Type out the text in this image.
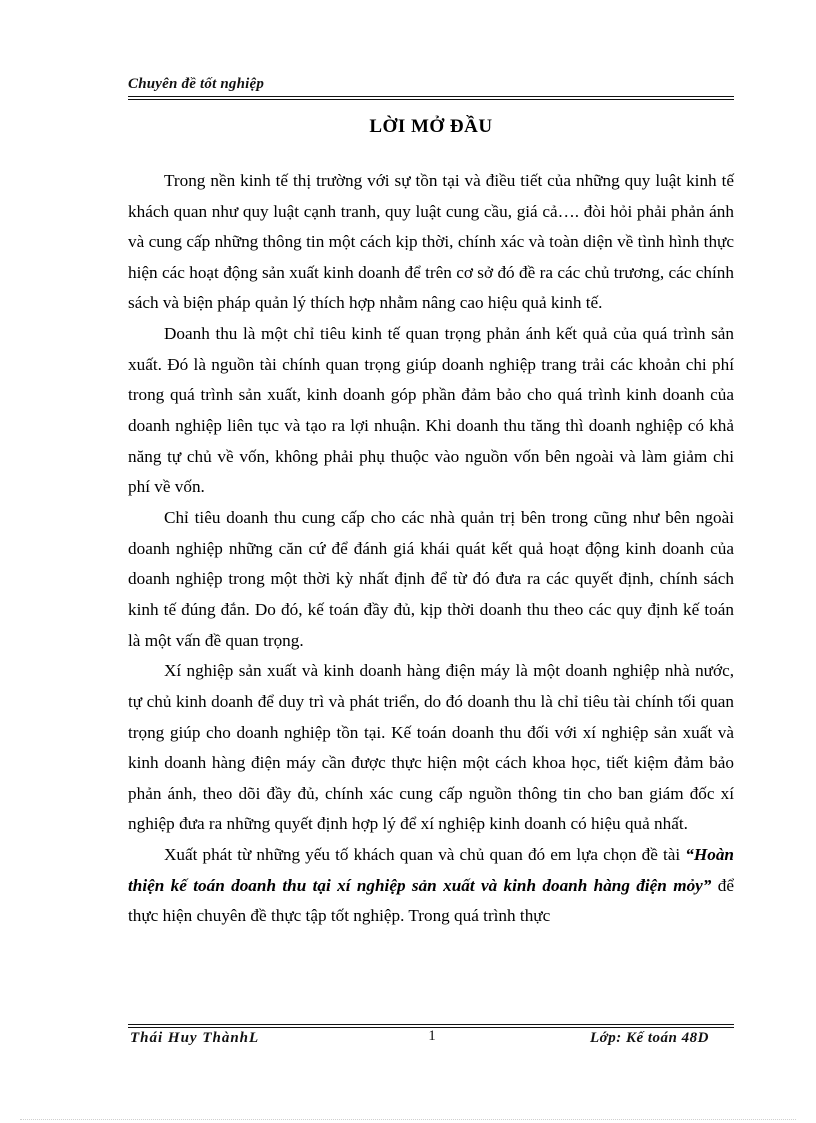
Chuyên đề tốt nghiệp
LỜI MỞ ĐẦU

Trong nền kinh tế thị trường với sự tồn tại và điều tiết của những quy luật kinh tế khách quan như quy luật cạnh tranh, quy luật cung cầu, giá cả…. đòi hỏi phải phản ánh và cung cấp những thông tin một cách kịp thời, chính xác và toàn diện về tình hình thực hiện các hoạt động sản xuất kinh doanh để trên cơ sở đó đề ra các chủ trương, các chính sách và biện pháp quản lý thích hợp nhằm nâng cao hiệu quả kinh tế.

Doanh thu là một chỉ tiêu kinh tế quan trọng phản ánh kết quả của quá trình sản xuất. Đó là nguồn tài chính quan trọng giúp doanh nghiệp trang trải các khoản chi phí trong quá trình sản xuất, kinh doanh góp phần đảm bảo cho quá trình kinh doanh của doanh nghiệp liên tục và tạo ra lợi nhuận. Khi doanh thu tăng thì doanh nghiệp có khả năng tự chủ về vốn, không phải phụ thuộc vào nguồn vốn bên ngoài và làm giảm chi phí về vốn.

Chỉ tiêu doanh thu cung cấp cho các nhà quản trị bên trong cũng như bên ngoài doanh nghiệp những căn cứ để đánh giá khái quát kết quả hoạt động kinh doanh của doanh nghiệp trong một thời kỳ nhất định để từ đó đưa ra các quyết định, chính sách kinh tế đúng đắn. Do đó, kế toán đầy đủ, kịp thời doanh thu theo các quy định kế toán là một vấn đề quan trọng.

Xí nghiệp sản xuất và kinh doanh hàng điện máy là một doanh nghiệp nhà nước, tự chủ kinh doanh để duy trì và phát triển, do đó doanh thu là chỉ tiêu tài chính tối quan trọng giúp cho doanh nghiệp tồn tại. Kế toán doanh thu đối với xí nghiệp sản xuất và kinh doanh hàng điện máy cần được thực hiện một cách khoa học, tiết kiệm đảm bảo phản ánh, theo dõi đầy đủ, chính xác cung cấp nguồn thông tin cho ban giám đốc xí nghiệp đưa ra những quyết định hợp lý để xí nghiệp kinh doanh có hiệu quả nhất.

Xuất phát từ những yếu tố khách quan và chủ quan đó em lựa chọn đề tài “Hoàn thiện kế toán doanh thu tại xí nghiệp sản xuất và kinh doanh hàng điện mỏy” để thực hiện chuyên đề thực tập tốt nghiệp. Trong quá trình thực

Thái Huy ThànhL	1	Lớp: Kế toán 48D
